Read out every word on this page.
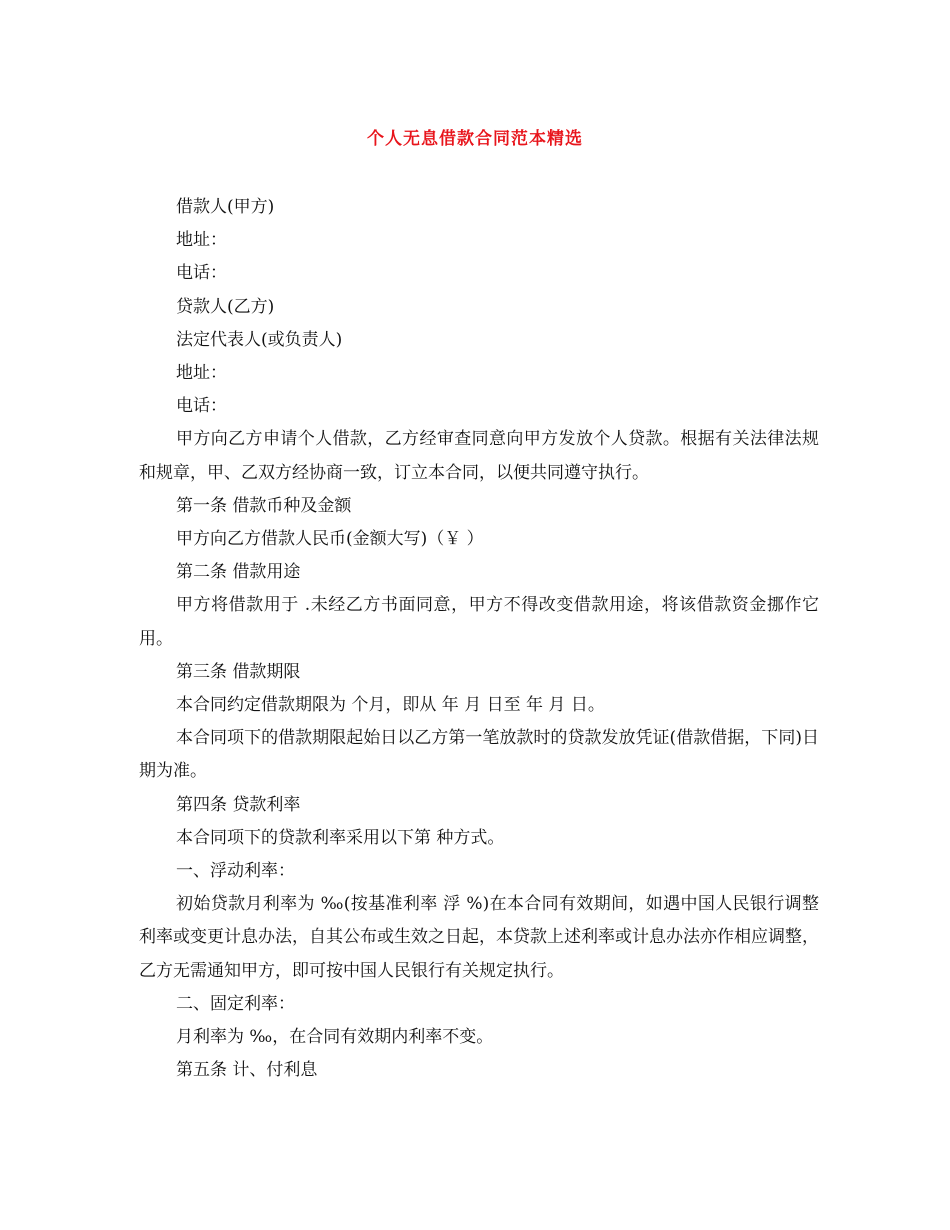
个人无息借款合同范本精选

借款人(甲方)

地址：

电话：

贷款人(乙方)

法定代表人(或负责人)

地址：

电话：

甲方向乙方申请个人借款，乙方经审查同意向甲方发放个人贷款。根据有关法律法规和规章，甲、乙双方经协商一致，订立本合同，以便共同遵守执行。

第一条 借款币种及金额

甲方向乙方借款人民币(金额大写)（￥ ）

第二条 借款用途

甲方将借款用于 .未经乙方书面同意，甲方不得改变借款用途，将该借款资金挪作它用。

第三条 借款期限

本合同约定借款期限为 个月，即从 年 月 日至 年 月 日。

本合同项下的借款期限起始日以乙方第一笔放款时的贷款发放凭证(借款借据，下同)日期为准。

第四条 贷款利率

本合同项下的贷款利率采用以下第 种方式。

一、浮动利率：

初始贷款月利率为 ‰(按基准利率 浮 %)在本合同有效期间，如遇中国人民银行调整利率或变更计息办法，自其公布或生效之日起，本贷款上述利率或计息办法亦作相应调整，乙方无需通知甲方，即可按中国人民银行有关规定执行。

二、固定利率：

月利率为 ‰，在合同有效期内利率不变。

第五条 计、付利息
